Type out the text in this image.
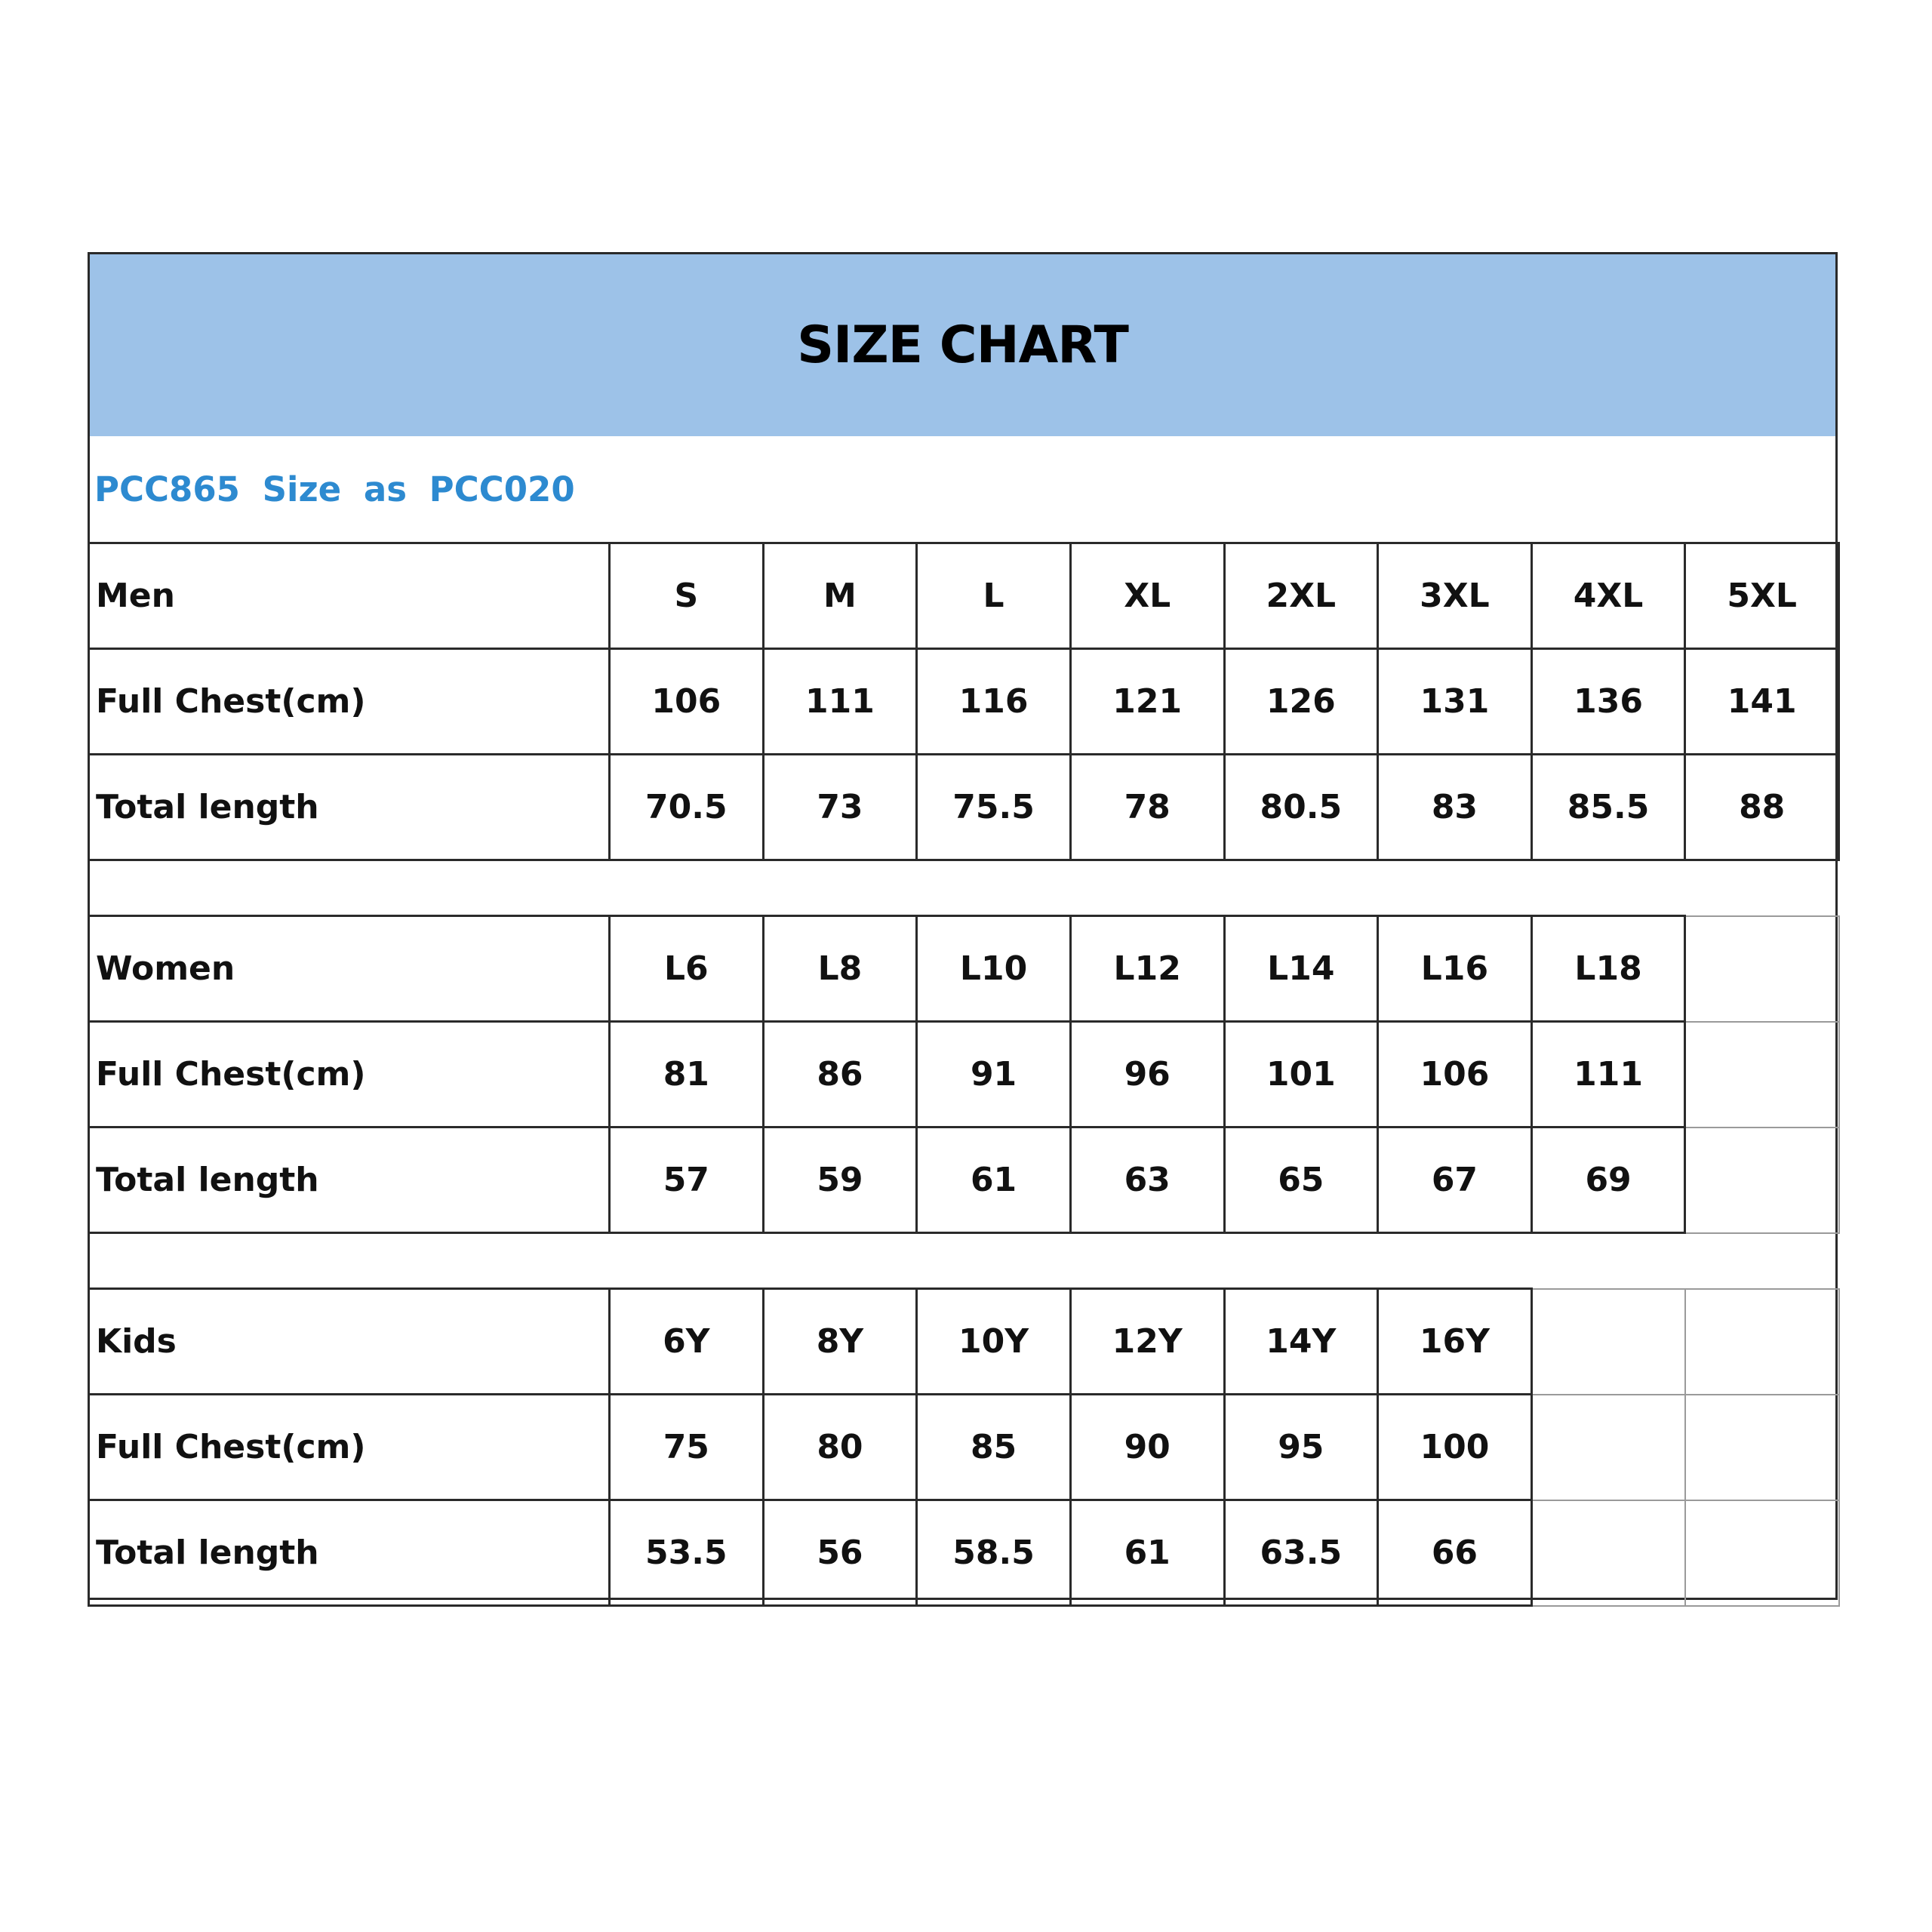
SIZE CHART
PCC865 Size as PCC020
Men	S	M	L	XL	2XL	3XL	4XL	5XL
Full Chest(cm)	106	111	116	121	126	131	136	141
Total length	70.5	73	75.5	78	80.5	83	85.5	88
Women	L6	L8	L10	L12	L14	L16	L18	
Full Chest(cm)	81	86	91	96	101	106	111	
Total length	57	59	61	63	65	67	69	
Kids	6Y	8Y	10Y	12Y	14Y	16Y		
Full Chest(cm)	75	80	85	90	95	100		
Total length	53.5	56	58.5	61	63.5	66		
